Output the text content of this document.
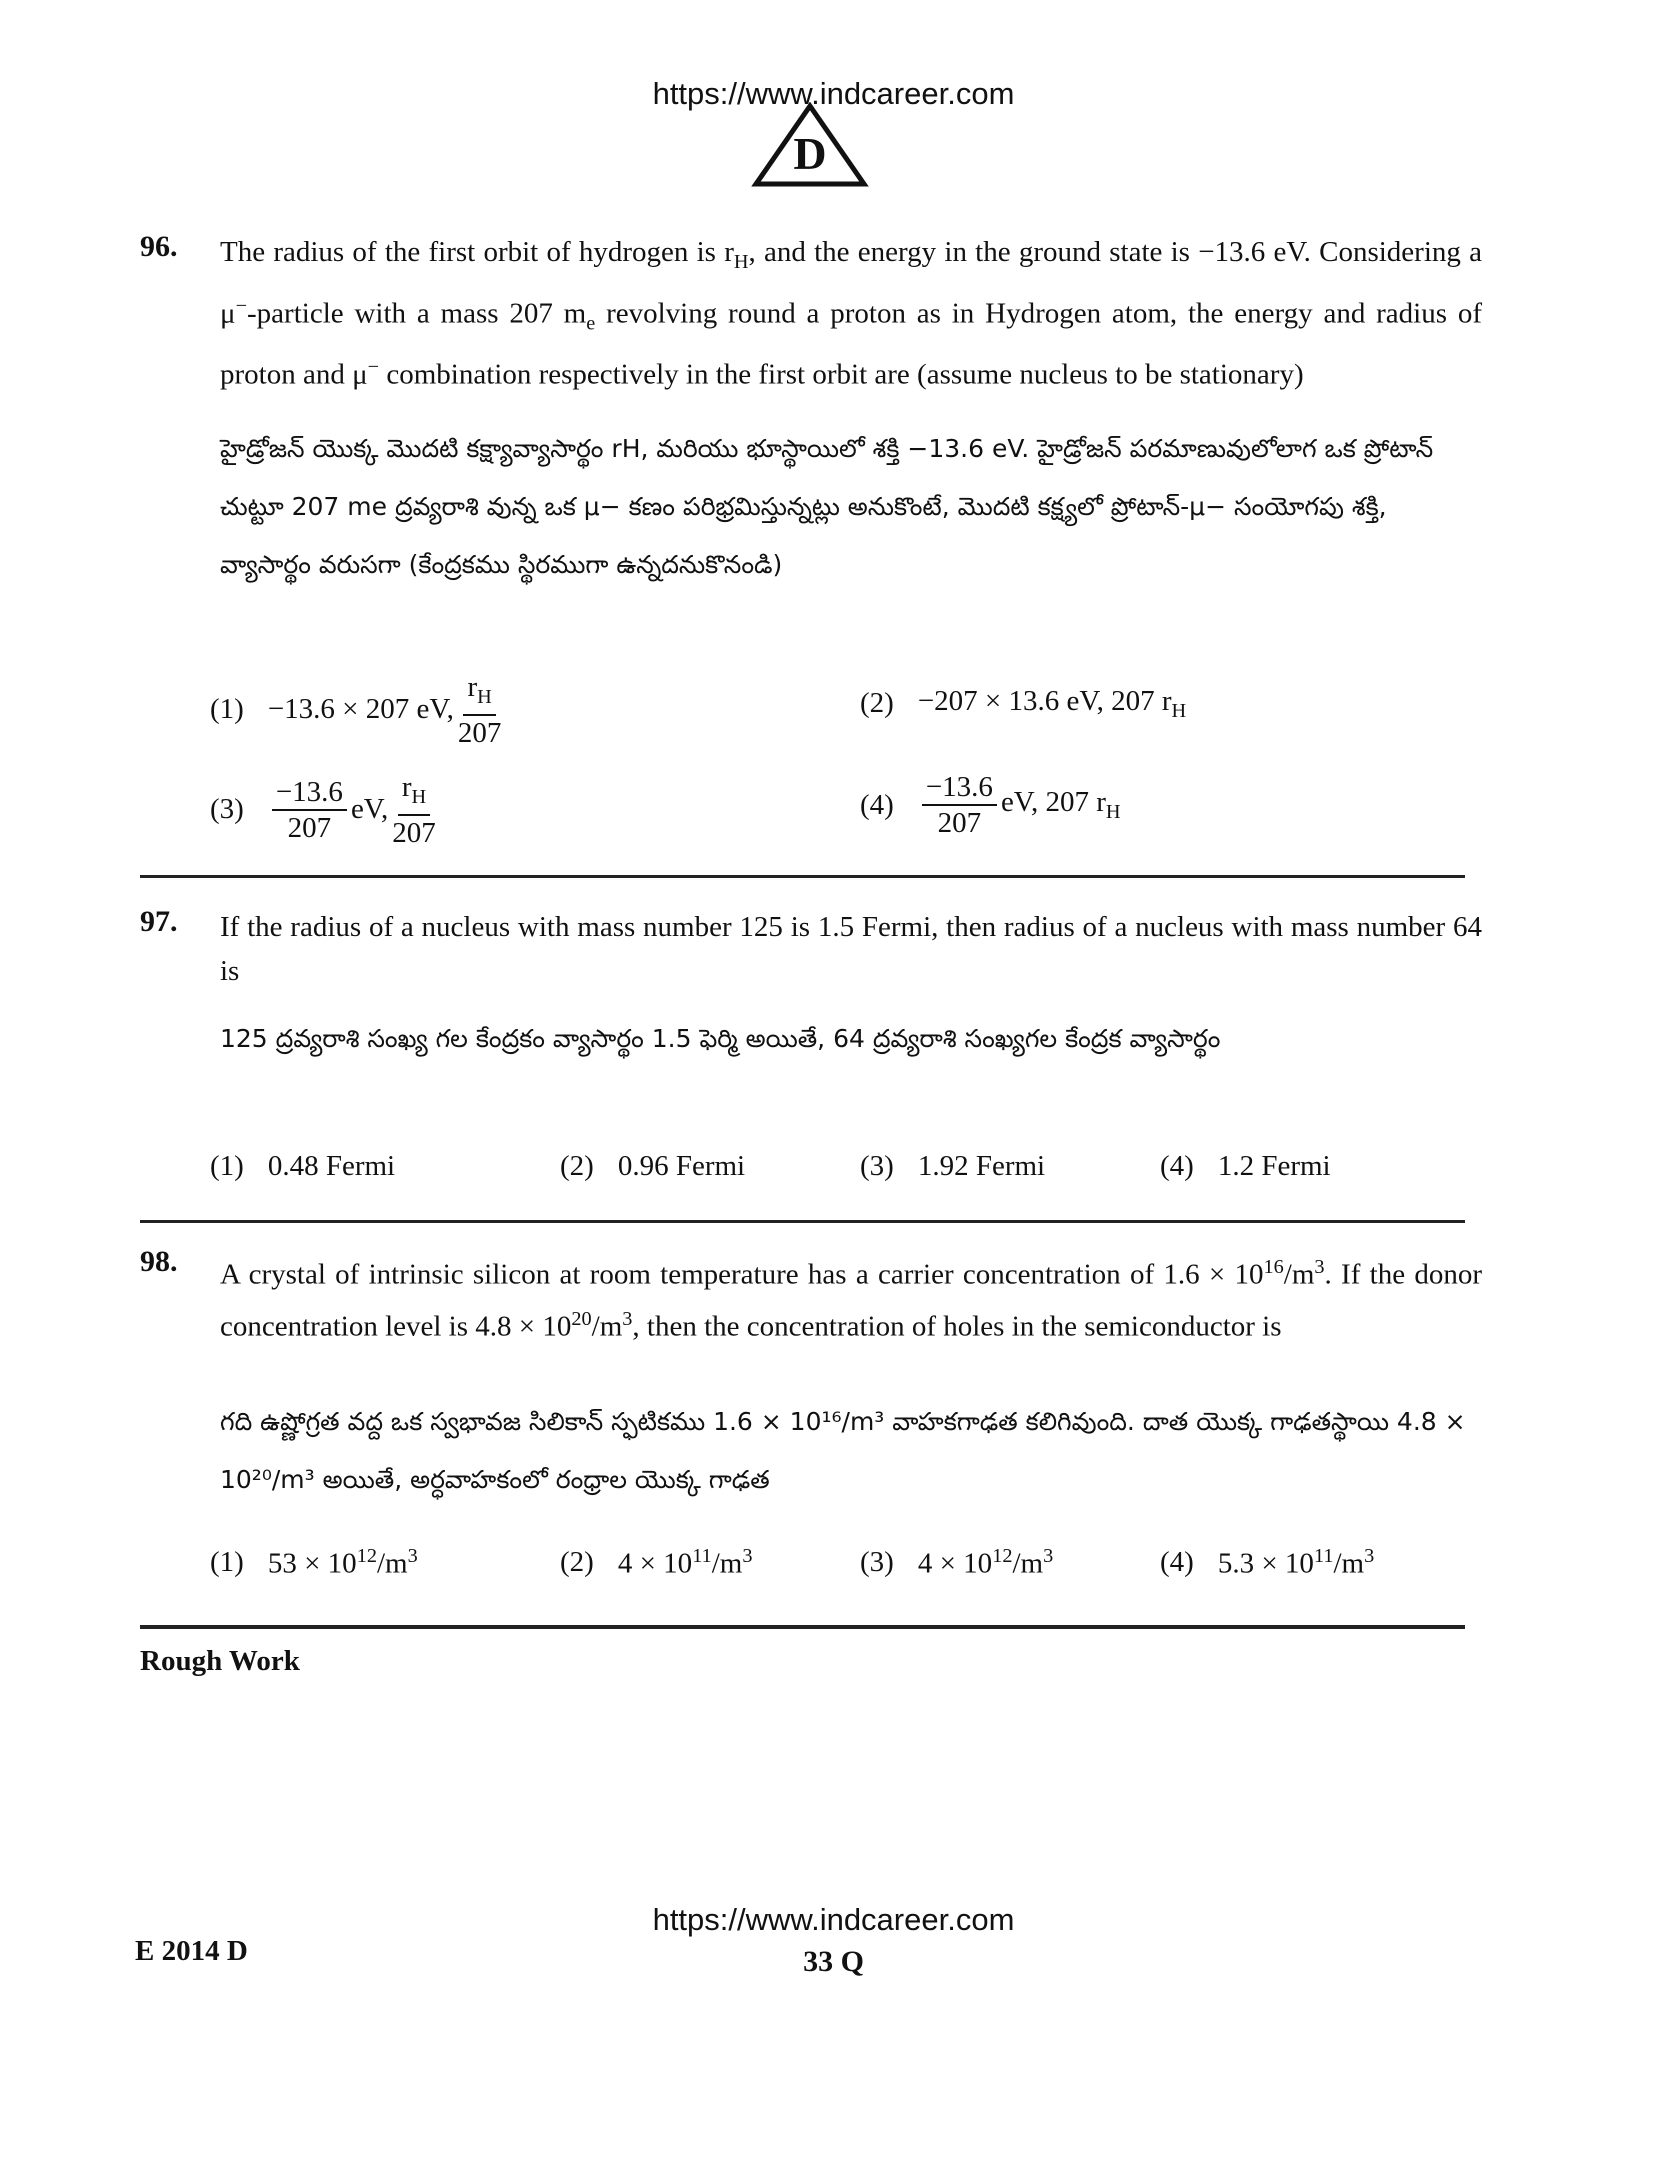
https://www.indcareer.com
D
96. The radius of the first orbit of hydrogen is $r_H$, and the energy in the ground state is −13.6 eV. Considering a μ−-particle with a mass 207 $m_e$ revolving round a proton as in Hydrogen atom, the energy and radius of proton and μ− combination respectively in the first orbit are (assume nucleus to be stationary)
హైడ్రోజన్ యొక్క మొదటి కక్ష్యావ్యాసార్థం rH, మరియు భూస్థాయిలో శక్తి −13.6 eV. హైడ్రోజన్ పరమాణువులోలాగ ఒక ప్రోటాన్ చుట్టూ 207 me ద్రవ్యరాశి వున్న ఒక μ− కణం పరిభ్రమిస్తున్నట్లు అనుకొంటే, మొదటి కక్ష్యలో ప్రోటాన్-μ− సంయోగపు శక్తి, వ్యాసార్థం వరుసగా (కేంద్రకము స్థిరముగా ఉన్నదనుకొనండి)
(1) −13.6 × 207 eV, $\frac{r_H}{207}$	(2) −207 × 13.6 eV, 207 $r_H$
$(3) \frac{-13.6}{207}$ eV, $\frac{r_H}{207}$	$(4) \frac{-13.6}{207}$ eV, 207 $r_H$
97. If the radius of a nucleus with mass number 125 is 1.5 Fermi, then radius of a nucleus with mass number 64 is
125 ద్రవ్యరాశి సంఖ్య గల కేంద్రకం వ్యాసార్థం 1.5 ఫెర్మి అయితే, 64 ద్రవ్యరాశి సంఖ్యగల కేంద్రక వ్యాసార్థం
(1) 0.48 Fermi	(2) 0.96 Fermi	(3) 1.92 Fermi	(4) 1.2 Fermi
98. A crystal of intrinsic silicon at room temperature has a carrier concentration of $1.6 \times 10^{16}/m^3$. If the donor concentration level is $4.8 \times 10^{20}/m^3$, then the concentration of holes in the semiconductor is
గది ఉష్ణోగ్రత వద్ద ఒక స్వభావజ సిలికాన్ స్ఫటికము 1.6 × 10¹⁶/m³ వాహకగాఢత కలిగివుంది. దాత యొక్క గాఢతస్థాయి 4.8 × 10²⁰/m³ అయితే, అర్ధవాహకంలో రంధ్రాల యొక్క గాఢత
(1) $53 \times 10^{12}/m^3$	(2) $4 \times 10^{11}/m^3$	(3) $4 \times 10^{12}/m^3$	(4) $5.3 \times 10^{11}/m^3$
Rough Work
https://www.indcareer.com
E 2014 D	33 Q
